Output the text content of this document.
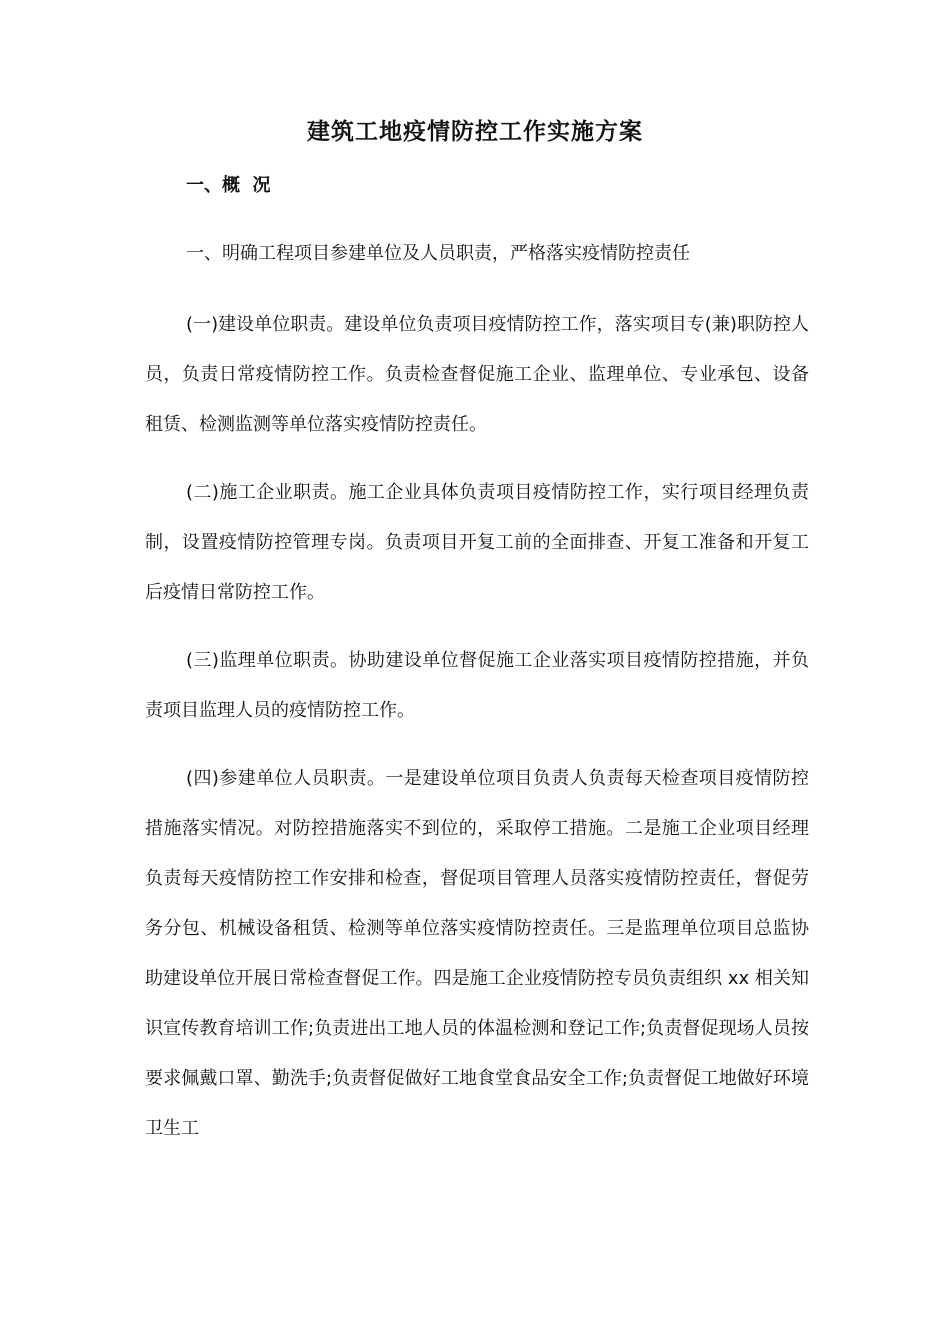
建筑工地疫情防控工作实施方案
一、概  况

一、明确工程项目参建单位及人员职责，严格落实疫情防控责任

(一)建设单位职责。建设单位负责项目疫情防控工作，落实项目专(兼)职防控人员，负责日常疫情防控工作。负责检查督促施工企业、监理单位、专业承包、设备租赁、检测监测等单位落实疫情防控责任。

(二)施工企业职责。施工企业具体负责项目疫情防控工作，实行项目经理负责制，设置疫情防控管理专岗。负责项目开复工前的全面排查、开复工准备和开复工后疫情日常防控工作。

(三)监理单位职责。协助建设单位督促施工企业落实项目疫情防控措施，并负责项目监理人员的疫情防控工作。

(四)参建单位人员职责。一是建设单位项目负责人负责每天检查项目疫情防控措施落实情况。对防控措施落实不到位的，采取停工措施。二是施工企业项目经理负责每天疫情防控工作安排和检查，督促项目管理人员落实疫情防控责任，督促劳务分包、机械设备租赁、检测等单位落实疫情防控责任。三是监理单位项目总监协助建设单位开展日常检查督促工作。四是施工企业疫情防控专员负责组织 xx 相关知识宣传教育培训工作;负责进出工地人员的体温检测和登记工作;负责督促现场人员按要求佩戴口罩、勤洗手;负责督促做好工地食堂食品安全工作;负责督促工地做好环境卫生工
